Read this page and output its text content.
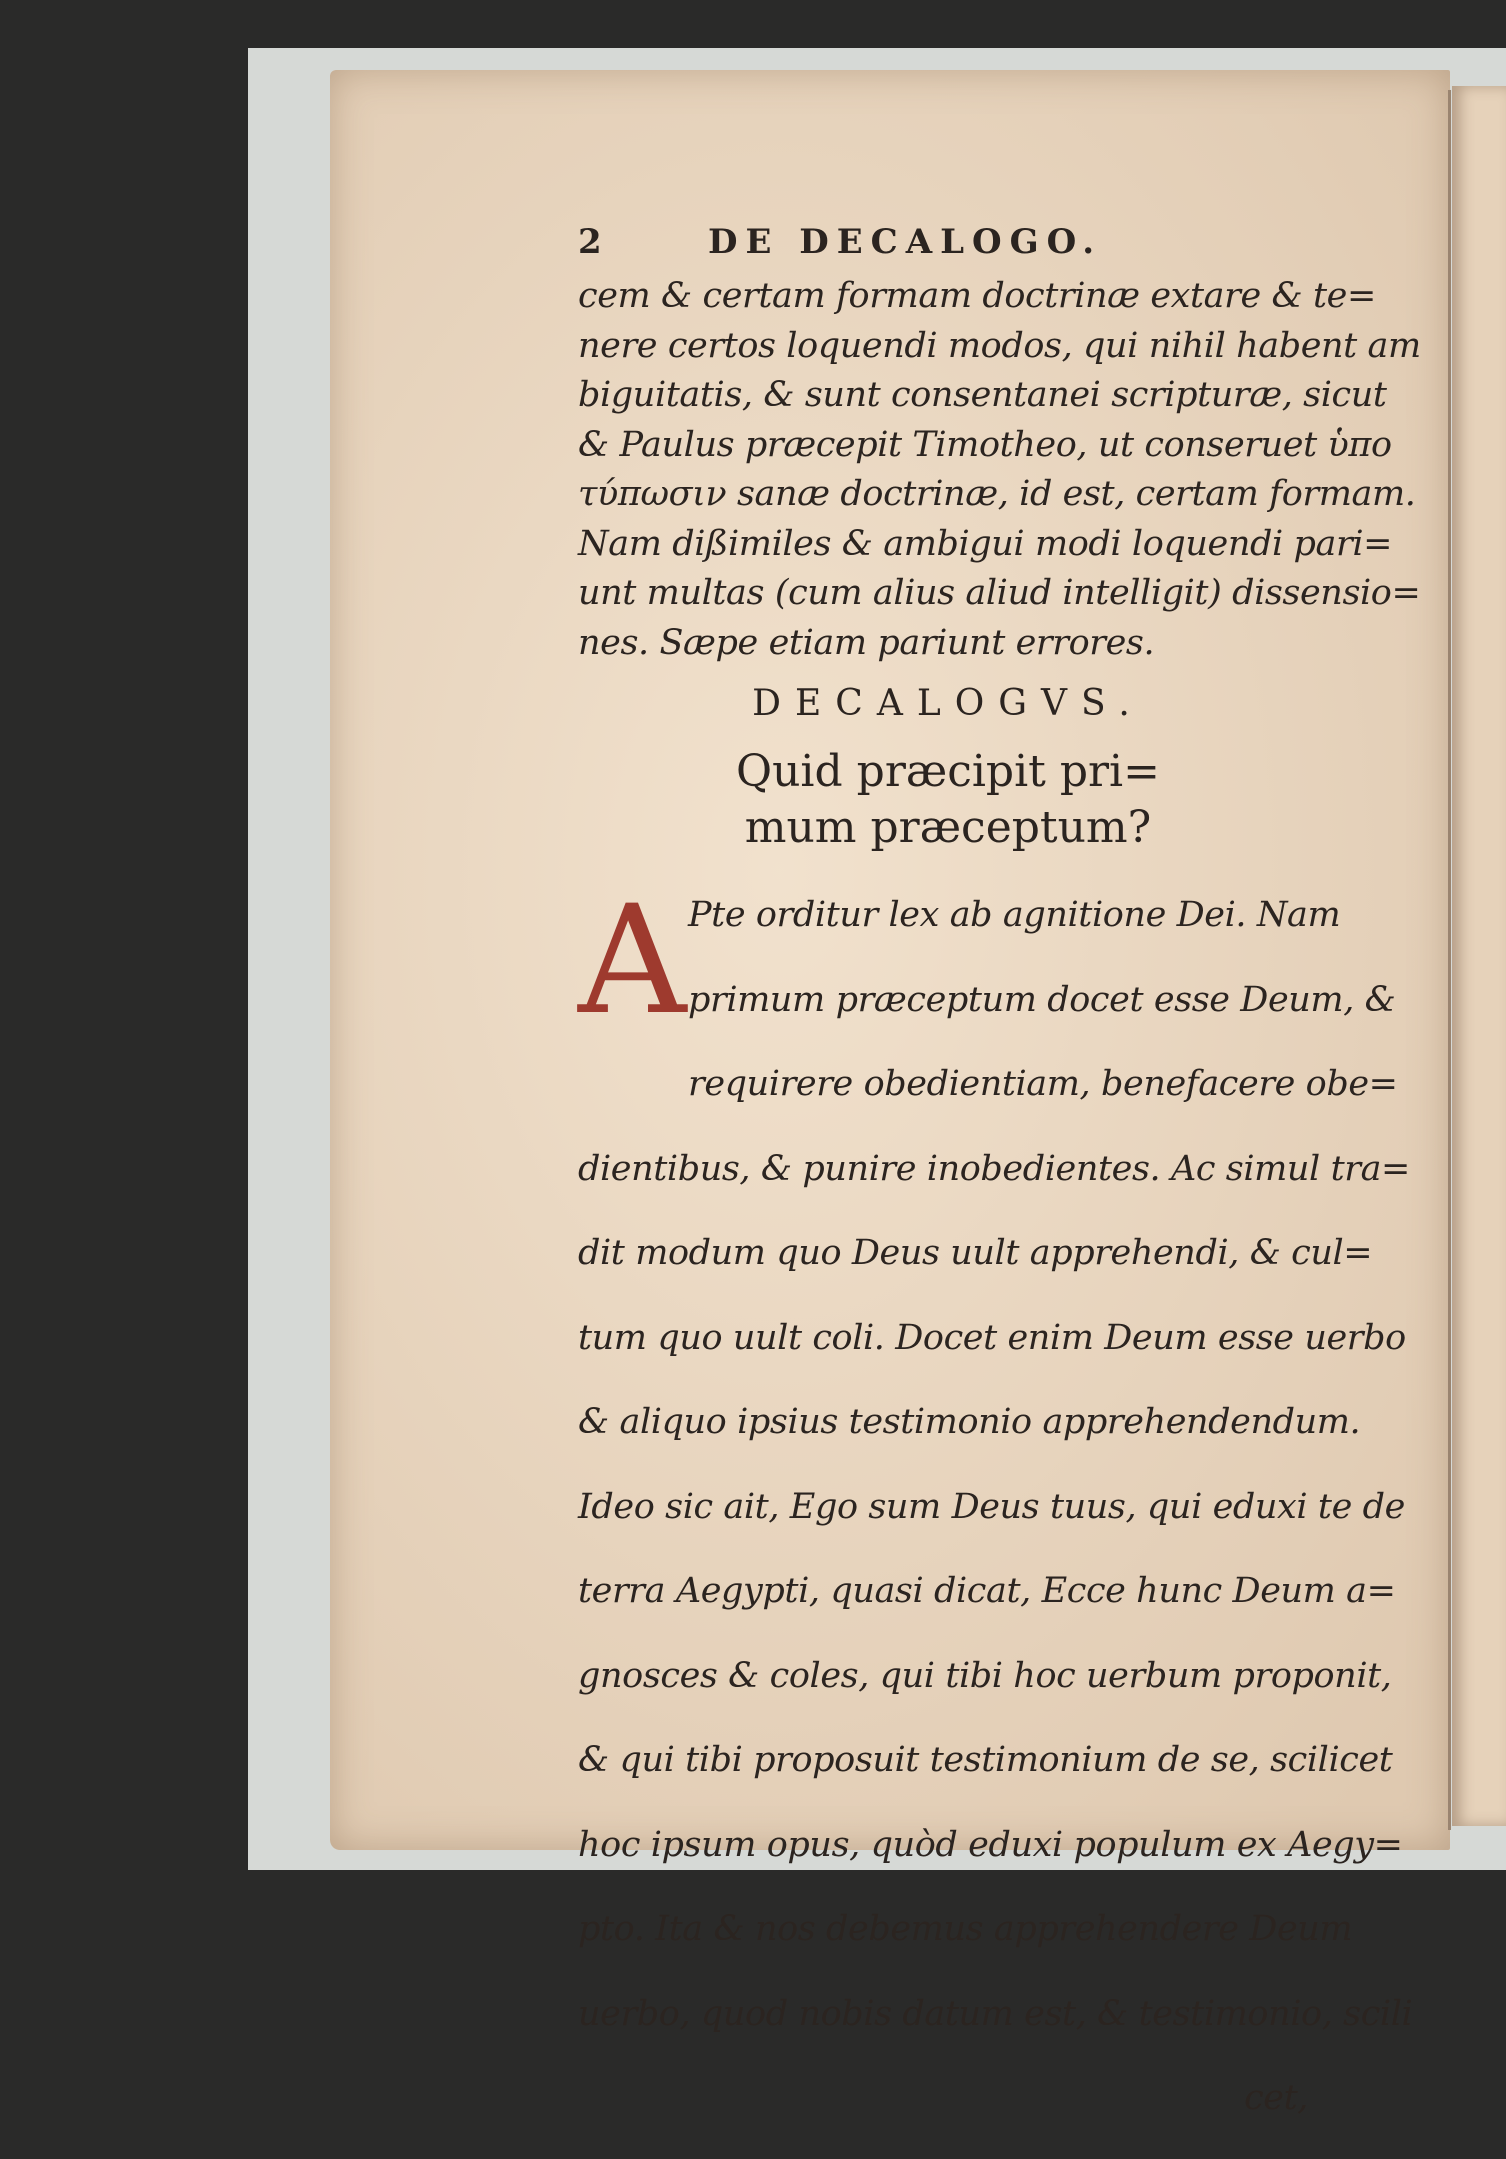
2	DE DECALOGO.

cem & certam formam doctrinæ extare & te=

nere certos loquendi modos, qui nihil habent am

biguitatis, & sunt consentanei scripturæ, sicut

& Paulus præcepit Timotheo, ut conseruet ὑπο

τύπωσιν sanæ doctrinæ, id est, certam formam.

Nam dißimiles & ambigui modi loquendi pari=

unt multas (cum alius aliud intelligit) dissensio=

nes. Sæpe etiam pariunt errores.

DECALOGVS.
Quid præcipit pri=
mum præceptum?
A Pte orditur lex ab agnitione Dei. Nam

primum præceptum docet esse Deum, &

requirere obedientiam, benefacere obe=

dientibus, & punire inobedientes. Ac simul tra=

dit modum quo Deus uult apprehendi, & cul=

tum quo uult coli. Docet enim Deum esse uerbo

& aliquo ipsius testimonio apprehendendum.

Ideo sic ait, Ego sum Deus tuus, qui eduxi te de

terra Aegypti, quasi dicat, Ecce hunc Deum a=

gnosces & coles, qui tibi hoc uerbum proponit,

& qui tibi proposuit testimonium de se, scilicet

hoc ipsum opus, quòd eduxi populum ex Aegy=

pto. Ita & nos debemus apprehendere Deum

uerbo, quod nobis datum est, & testimonio, scili

cet,
